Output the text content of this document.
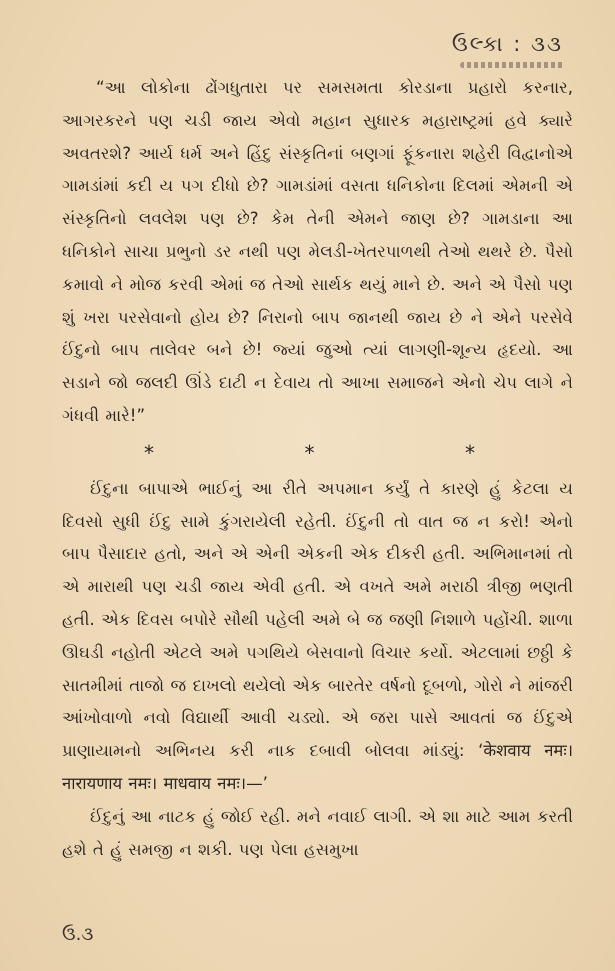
ઉલ્કા : ૩૩

“આ લોકોના ઢોંગધુતારા પર સમસમતા કોરડાના પ્રહારો કરનાર, આગરકરને પણ ચડી જાય એવો મહાન સુધારક મહારાષ્ટ્રમાં હવે ક્યારે અવતરશે? આર્ય ધર્મ અને હિંદુ સંસ્કૃતિનાં બણગાં ફૂંકનારા શહેરી વિદ્વાનોએ ગામડાંમાં કદી ય પગ દીધો છે? ગામડાંમાં વસતા ધનિકોના દિલમાં એમની એ સંસ્કૃતિનો લવલેશ પણ છે? કેમ તેની એમને જાણ છે? ગામડાના આ ધનિકોને સાચા પ્રભુનો ડર નથી પણ મેલડી-ખેતરપાળથી તેઓ થથરે છે. પૈસો કમાવો ને મોજ કરવી એમાં જ તેઓ સાર્થક થયું માને છે. અને એ પૈસો પણ શું ખરા પરસેવાનો હોય છે? નિરાનો બાપ જાનથી જાય છે ને એને પરસેવે ઈંદુનો બાપ તાલેવર બને છે! જ્યાં જુઓ ત્યાં લાગણી-શૂન્ય હૃદયો. આ સડાને જો જલદી ઊંડે દાટી ન દેવાય તો આખા સમાજને એનો ચેપ લાગે ને ગંધવી મારે!”

*	*	*

ઈંદુના બાપાએ ભાઈનું આ રીતે અપમાન કર્યું તે કારણે હું કેટલા ય દિવસો સુધી ઈંદુ સામે કુંગરાયેલી રહેતી. ઈંદુની તો વાત જ ન કરો! એનો બાપ પૈસાદાર હતો, અને એ એની એકની એક દીકરી હતી. અભિમાનમાં તો એ મારાથી પણ ચડી જાય એવી હતી. એ વખતે અમે મરાઠી ત્રીજી ભણતી હતી. એક દિવસ બપોરે સૌથી પહેલી અમે બે જ જણી નિશાળે પહોંચી. શાળા ઊઘડી નહોતી એટલે અમે પગથિયે બેસવાનો વિચાર કર્યો. એટલામાં છઠ્ઠી કે સાતમીમાં તાજો જ દાખલો થયેલો એક બારતેર વર્ષનો દૂબળો, ગોરો ને માંજરી આંખોવાળો નવો વિદ્યાર્થી આવી ચડ્યો. એ જરા પાસે આવતાં જ ઈંદુએ પ્રાણાયામનો અભિનય કરી નાક દબાવી બોલવા માંડ્યું: ‘केशवाय नमः। नारायणाय नमः। माधवाय नमः।—’

ઈંદુનું આ નાટક હું જોઈ રહી. મને નવાઈ લાગી. એ શા માટે આમ કરતી હશે તે હું સમજી ન શકી. પણ પેલા હસમુખા

ઉ.૩
